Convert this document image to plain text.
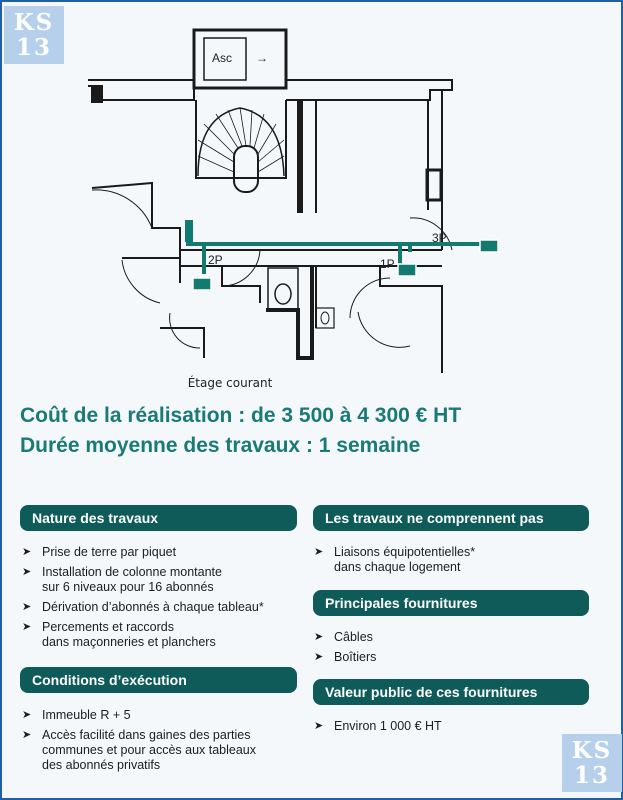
KS
13	Asc →
2P	1P
3P
Étage courant
Coût de la réalisation : de 3 500 à 4 300 € HT
Durée moyenne des travaux : 1 semaine
Nature des travaux
➤ Prise de terre par piquet
➤ Installation de colonne montante
sur 6 niveaux pour 16 abonnés
➤ Dérivation d’abonnés à chaque tableau*
➤ Percements et raccords
dans maçonneries et planchers
Conditions d’exécution
➤ Immeuble R + 5
➤ Accès facilité dans gaines des parties
communes et pour accès aux tableaux
des abonnés privatifs
Les travaux ne comprennent pas
➤ Liaisons équipotentielles*
dans chaque logement
Principales fournitures
➤ Câbles
➤ Boîtiers
Valeur public de ces fournitures
➤ Environ 1 000 € HT
KS
13
